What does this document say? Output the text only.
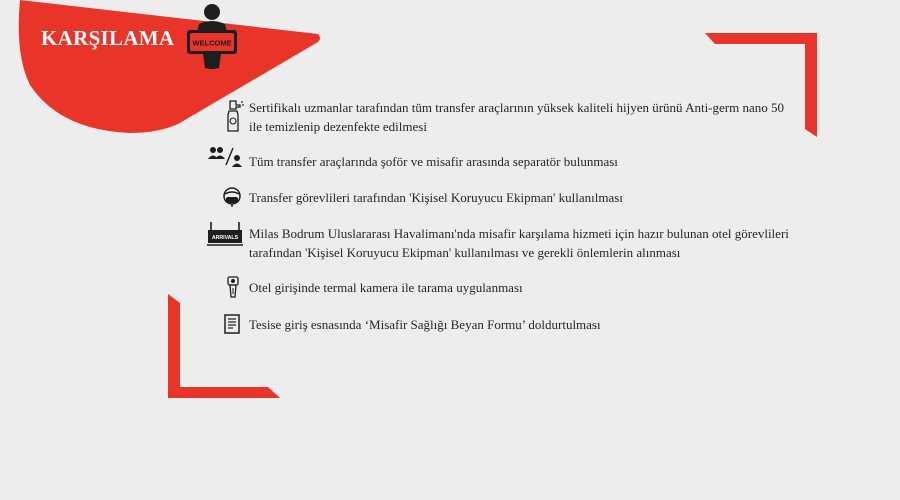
KARŞILAMA WELCOME
Sertifikalı uzmanlar tarafından tüm transfer araçlarının yüksek kaliteli hijyen ürünü Anti-germ nano 50 ile temizlenip dezenfekte edilmesi
Tüm transfer araçlarında şoför ve misafir arasında separatör bulunması
Transfer görevlileri tarafından 'Kişisel Koruyucu Ekipman' kullanılması
ARRIVALS Milas Bodrum Uluslararası Havalimanı'nda misafir karşılama hizmeti için hazır bulunan otel görevlileri tarafından 'Kişisel Koruyucu Ekipman' kullanılması ve gerekli önlemlerin alınması
Otel girişinde termal kamera ile tarama uygulanması
Tesise giriş esnasında ‘Misafir Sağlığı Beyan Formu’ doldurtulması
